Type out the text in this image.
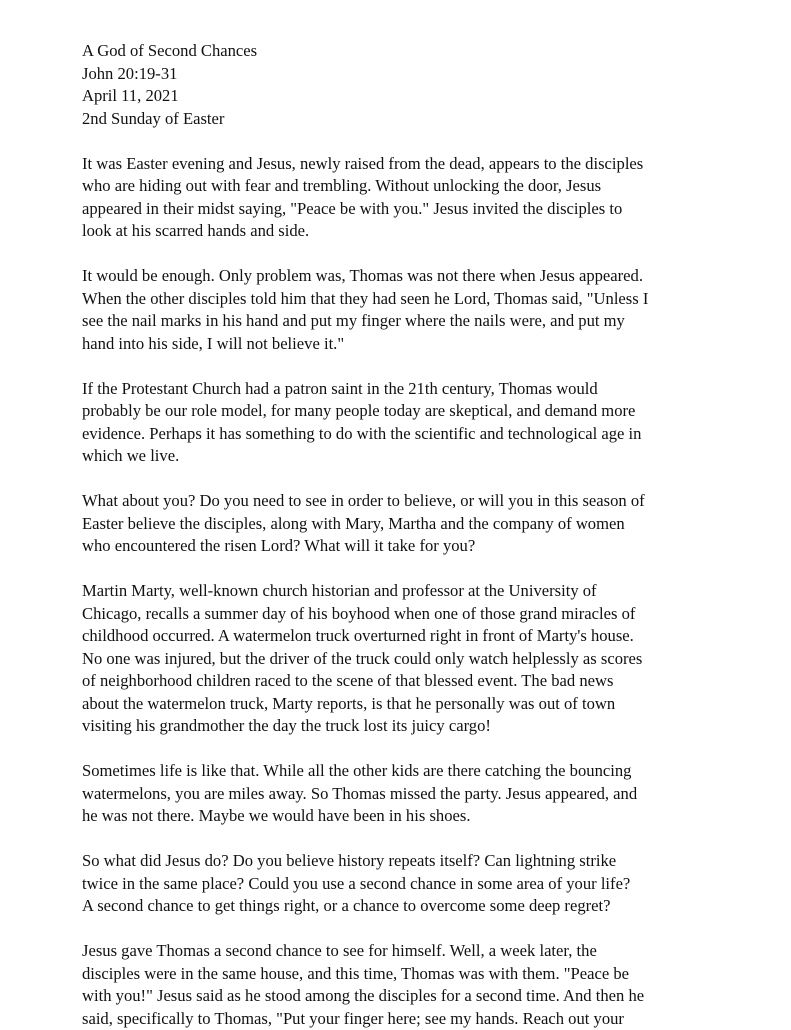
A God of Second Chances
John 20:19-31
April 11, 2021
2nd Sunday of Easter
It was Easter evening and Jesus, newly raised from the dead, appears to the disciples
who are hiding out with fear and trembling. Without unlocking the door, Jesus
appeared in their midst saying, "Peace be with you." Jesus invited the disciples to
look at his scarred hands and side.
It would be enough. Only problem was, Thomas was not there when Jesus appeared.
When the other disciples told him that they had seen he Lord, Thomas said, "Unless I
see the nail marks in his hand and put my finger where the nails were, and put my
hand into his side, I will not believe it."
If the Protestant Church had a patron saint in the 21th century, Thomas would
probably be our role model, for many people today are skeptical, and demand more
evidence. Perhaps it has something to do with the scientific and technological age in
which we live.
What about you? Do you need to see in order to believe, or will you in this season of
Easter believe the disciples, along with Mary, Martha and the company of women
who encountered the risen Lord? What will it take for you?
Martin Marty, well-known church historian and professor at the University of
Chicago, recalls a summer day of his boyhood when one of those grand miracles of
childhood occurred. A watermelon truck overturned right in front of Marty's house.
No one was injured, but the driver of the truck could only watch helplessly as scores
of neighborhood children raced to the scene of that blessed event. The bad news
about the watermelon truck, Marty reports, is that he personally was out of town
visiting his grandmother the day the truck lost its juicy cargo!
Sometimes life is like that. While all the other kids are there catching the bouncing
watermelons, you are miles away. So Thomas missed the party. Jesus appeared, and
he was not there. Maybe we would have been in his shoes.
So what did Jesus do? Do you believe history repeats itself? Can lightning strike
twice in the same place? Could you use a second chance in some area of your life?
A second chance to get things right, or a chance to overcome some deep regret?
Jesus gave Thomas a second chance to see for himself. Well, a week later, the
disciples were in the same house, and this time, Thomas was with them. "Peace be
with you!" Jesus said as he stood among the disciples for a second time. And then he
said, specifically to Thomas, "Put your finger here; see my hands. Reach out your
